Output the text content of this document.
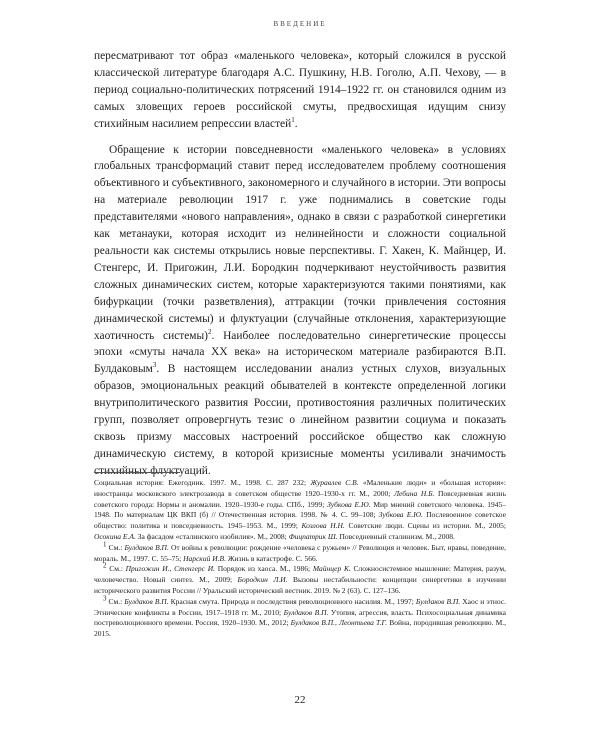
ВВЕДЕНИЕ

пересматривают тот образ «маленького человека», который сложился в русской классической литературе благодаря А.С. Пушкину, Н.В. Гоголю, А.П. Чехову, — в период социально-политических потрясений 1914–1922 гг. он становился одним из самых зловещих героев российской смуты, предвосхищая идущим снизу стихийным насилием репрессии властей$^1$.

Обращение к истории повседневности «маленького человека» в условиях глобальных трансформаций ставит перед исследователем проблему соотношения объективного и субъективного, закономерного и случайного в истории. Эти вопросы на материале революции 1917 г. уже поднимались в советские годы представителями «нового направления», однако в связи с разработкой синергетики как метанауки, которая исходит из нелинейности и сложности социальной реальности как системы открылись новые перспективы. Г. Хакен, К. Майнцер, И. Стенгерс, И. Пригожин, Л.И. Бородкин подчеркивают неустойчивость развития сложных динамических систем, которые характеризуются такими понятиями, как бифуркации (точки разветвления), аттракции (точки привлечения состояния динамической системы) и флуктуации (случайные отклонения, характеризующие хаотичность системы)$^2$. Наиболее последовательно синергетические процессы эпохи «смуты начала XX века» на историческом материале разбираются В.П. Булдаковым$^3$. В настоящем исследовании анализ устных слухов, визуальных образов, эмоциональных реакций обывателей в контексте определенной логики внутриполитического развития России, противостояния различных политических групп, позволяет опровергнуть тезис о линейном развитии социума и показать сквозь призму массовых настроений российское общество как сложную динамическую систему, в которой кризисные моменты усиливали значимость стихийных флуктуаций.

Социальная история: Ежегодник. 1997. М., 1998. С. 287 232; Журавлев С.В. «Маленькие люди» и «большая история»: иностранцы московского электрозавода в советском обществе 1920–1930-х гг. М., 2000; Лебина Н.Б. Повседневная жизнь советского города: Нормы и аномалии. 1920–1930-е годы. СПб., 1999; Зубкова Е.Ю. Мир мнений советского человека. 1945–1948. По материалам ЦК ВКП (б) // Отечественная история. 1998. № 4. С. 99–108; Зубкова Е.Ю. Послевоенное советское общество: политика и повседневность. 1945–1953. М., 1999; Козлова Н.Н. Советские люди. Сцены из истории. М., 2005; Осокина Е.А. За фасадом «сталинского изобилия». М., 2008; Фицпатрик Ш. Повседневный сталинизм. М., 2008.

$^1$ См.: Булдаков В.П. От войны к революции: рождение «человека с ружьем» // Революция и человек. Быт, нравы, поведение, мораль. М., 1997. С. 55–75; Нарский И.В. Жизнь в катастрофе. С. 566.

$^2$ См.: Пригожин И., Стенгерс И. Порядок из хаоса. М., 1986; Майнцер К. Сложносистемное мышление: Материя, разум, человечество. Новый синтез. М., 2009; Бородкин Л.И. Вызовы нестабильности: концепции синергетики в изучении исторического развития России // Уральский исторический вестник. 2019. № 2 (63). С. 127–136.

$^3$ См.: Булдаков В.П. Красная смута. Природа и последствия революционного насилия. М., 1997; Булдаков В.П. Хаос и этнос. Этнические конфликты в России, 1917–1918 гг. М., 2010; Булдаков В.П. Утопия, агрессия, власть. Психосоциальная динамика постреволюционного времени. Россия, 1920–1930. М., 2012; Булдаков В.П., Леонтьева Т.Г. Война, породившая революцию. М., 2015.

22
